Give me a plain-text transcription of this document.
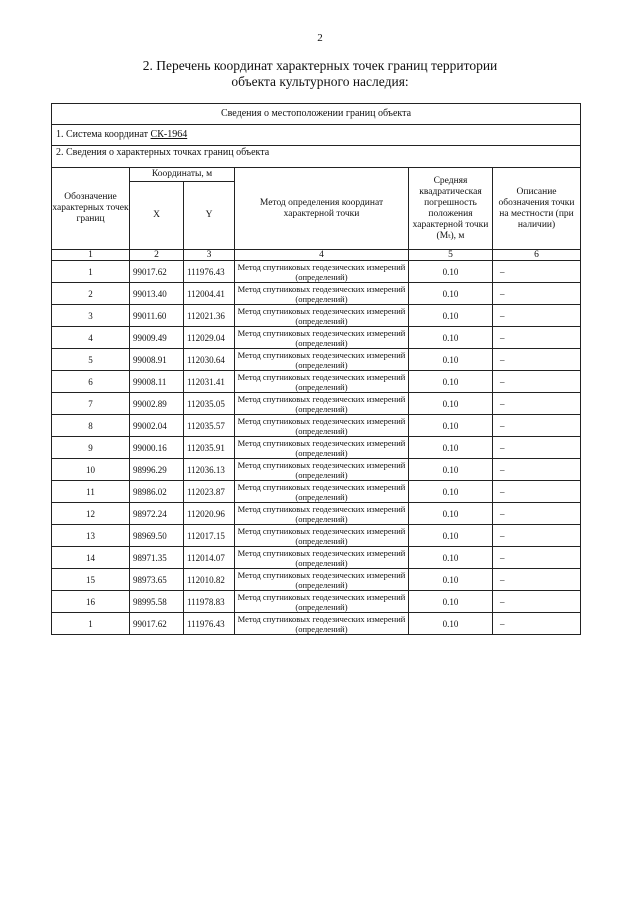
2
2. Перечень координат характерных точек границ территории
объекта культурного наследия:
Сведения о местоположении границ объекта					
1. Система координат СК-1964					
2. Сведения о характерных точках границ объекта					
Обозначение характерных точек границ	Координаты, м		Метод определения координат характерной точки	Средняя квадратическая погрешность положения характерной точки (Mₜ), м	Описание обозначения точки на местности (при наличии)
	X	Y			
1	2	3	4	5	6
1	99017.62	111976.43	Метод спутниковых геодезических измерений (определений)	0.10	–
2	99013.40	112004.41	Метод спутниковых геодезических измерений (определений)	0.10	–
3	99011.60	112021.36	Метод спутниковых геодезических измерений (определений)	0.10	–
4	99009.49	112029.04	Метод спутниковых геодезических измерений (определений)	0.10	–
5	99008.91	112030.64	Метод спутниковых геодезических измерений (определений)	0.10	–
6	99008.11	112031.41	Метод спутниковых геодезических измерений (определений)	0.10	–
7	99002.89	112035.05	Метод спутниковых геодезических измерений (определений)	0.10	–
8	99002.04	112035.57	Метод спутниковых геодезических измерений (определений)	0.10	–
9	99000.16	112035.91	Метод спутниковых геодезических измерений (определений)	0.10	–
10	98996.29	112036.13	Метод спутниковых геодезических измерений (определений)	0.10	–
11	98986.02	112023.87	Метод спутниковых геодезических измерений (определений)	0.10	–
12	98972.24	112020.96	Метод спутниковых геодезических измерений (определений)	0.10	–
13	98969.50	112017.15	Метод спутниковых геодезических измерений (определений)	0.10	–
14	98971.35	112014.07	Метод спутниковых геодезических измерений (определений)	0.10	–
15	98973.65	112010.82	Метод спутниковых геодезических измерений (определений)	0.10	–
16	98995.58	111978.83	Метод спутниковых геодезических измерений (определений)	0.10	–
1	99017.62	111976.43	Метод спутниковых геодезических измерений (определений)	0.10	–
